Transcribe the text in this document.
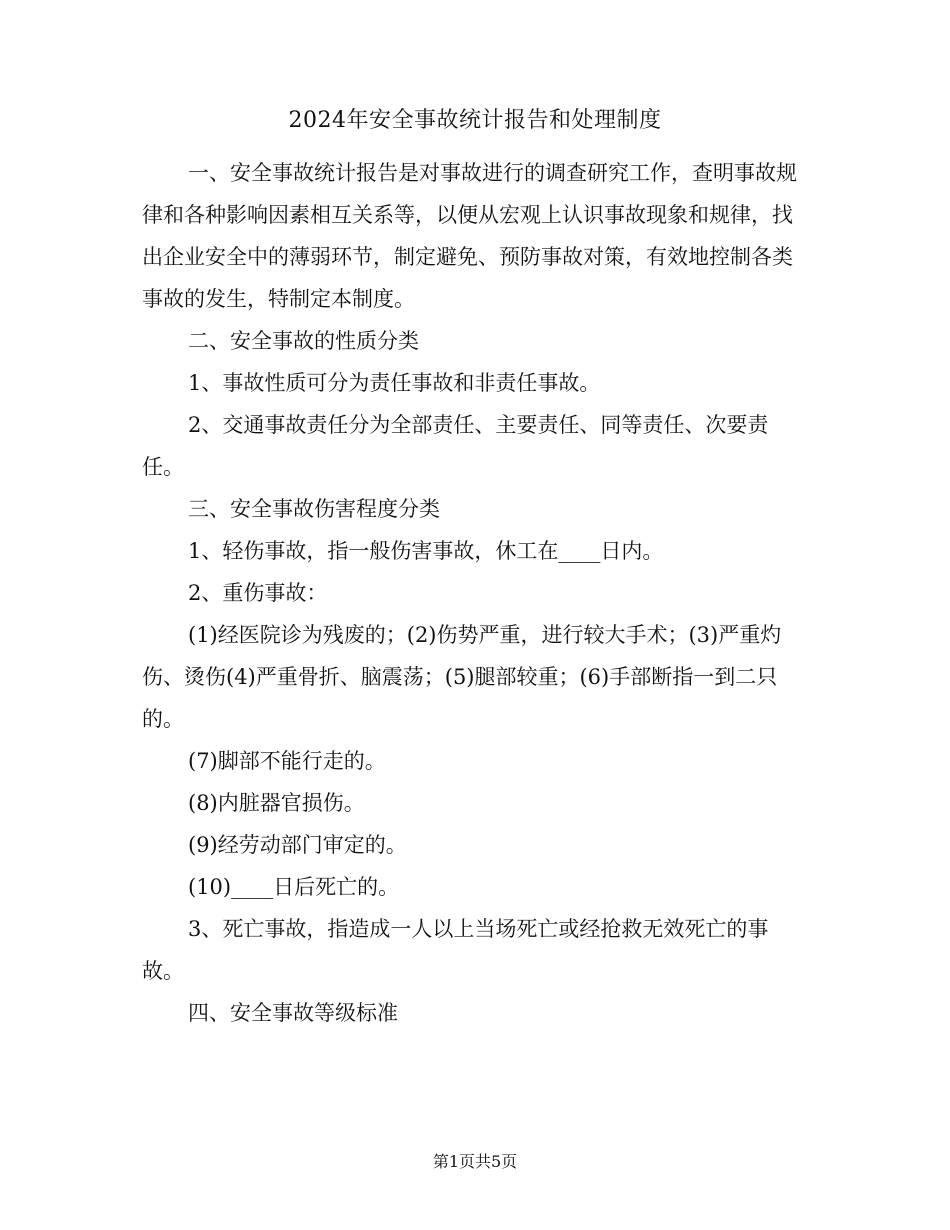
2024年安全事故统计报告和处理制度

一、安全事故统计报告是对事故进行的调查研究工作，查明事故规律和各种影响因素相互关系等，以便从宏观上认识事故现象和规律，找出企业安全中的薄弱环节，制定避免、预防事故对策，有效地控制各类事故的发生，特制定本制度。

二、安全事故的性质分类

1、事故性质可分为责任事故和非责任事故。

2、交通事故责任分为全部责任、主要责任、同等责任、次要责任。

三、安全事故伤害程度分类

1、轻伤事故，指一般伤害事故，休工在____日内。

2、重伤事故：

(1)经医院诊为残废的；(2)伤势严重，进行较大手术；(3)严重灼伤、烫伤(4)严重骨折、脑震荡；(5)腿部较重；(6)手部断指一到二只的。

(7)脚部不能行走的。

(8)内脏器官损伤。

(9)经劳动部门审定的。

(10)____日后死亡的。

3、死亡事故，指造成一人以上当场死亡或经抢救无效死亡的事故。

四、安全事故等级标准

第1页共5页
